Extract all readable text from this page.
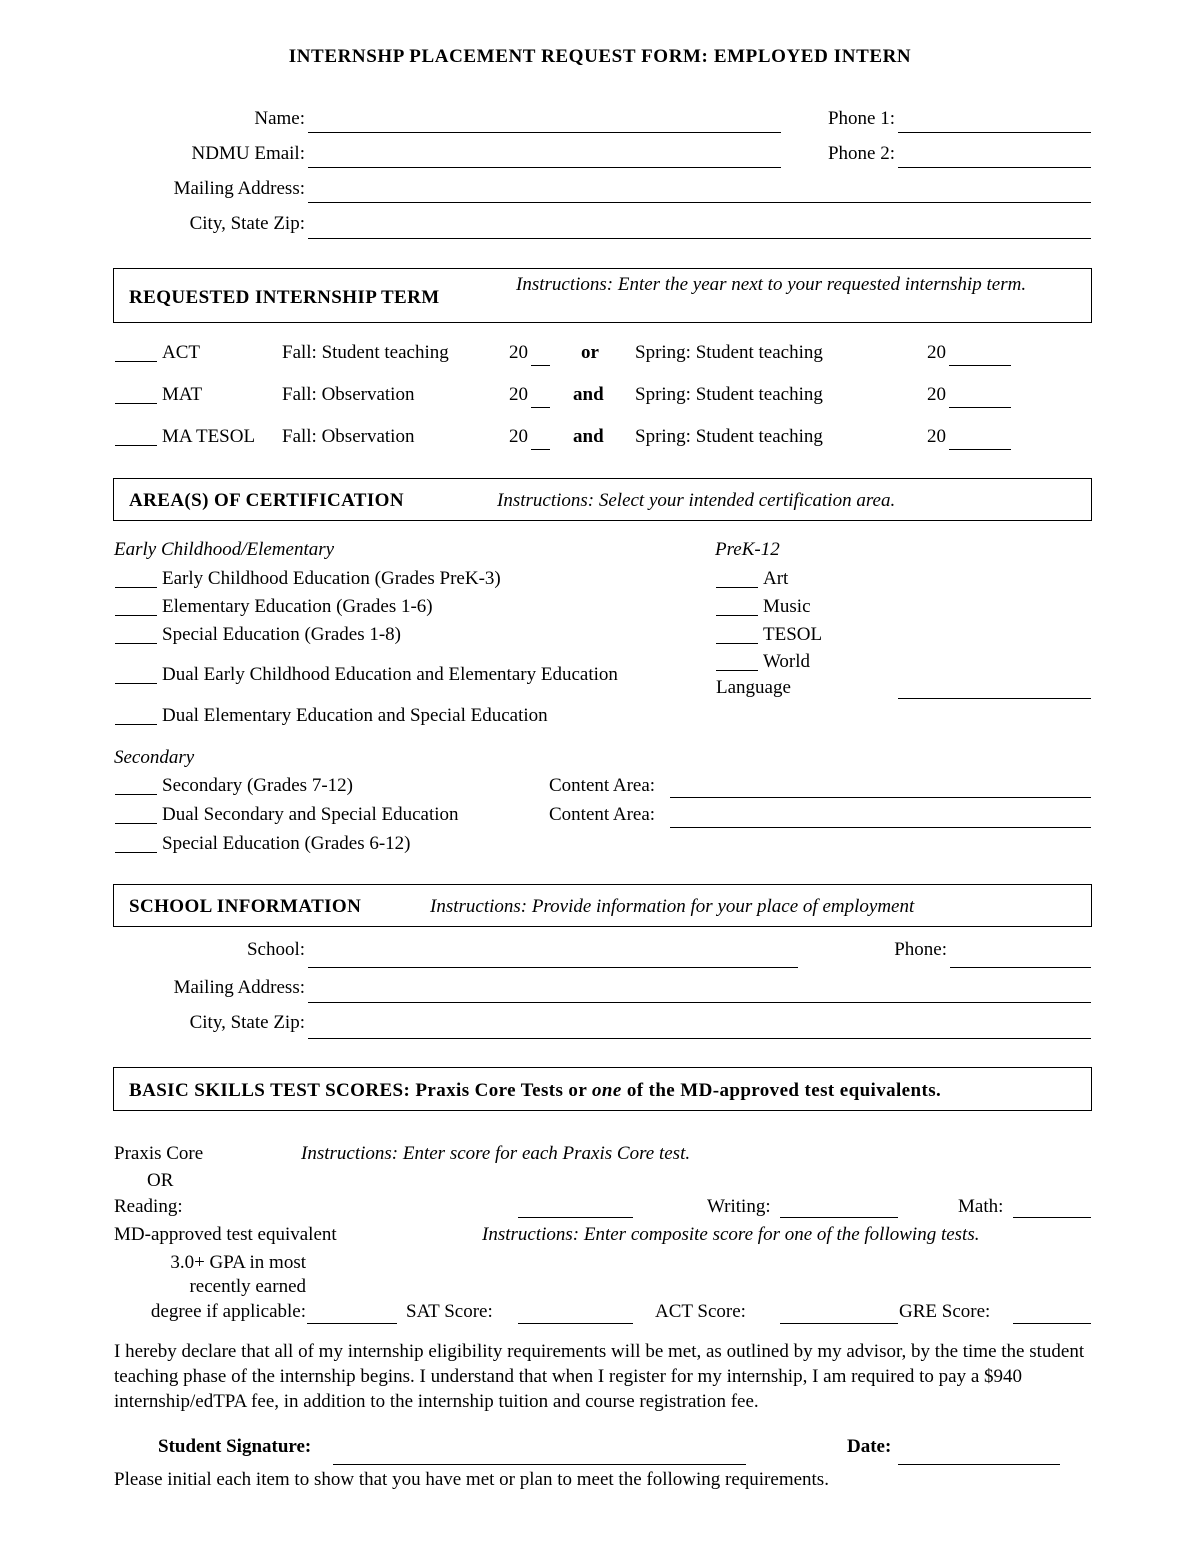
INTERNSHP PLACEMENT REQUEST FORM: EMPLOYED INTERN
Name:
NDMU Email:
Mailing Address:
City, State Zip:
Phone 1:
Phone 2:
REQUESTED INTERNSHIP TERM
Instructions: Enter the year next to your requested internship term.
ACT	Fall: Student teaching	20	or Spring: Student teaching	20
MAT	Fall: Observation	20 and Spring: Student teaching	20
MA TESOL Fall: Observation	20 and Spring: Student teaching	20
AREA(S) OF CERTIFICATION	Instructions: Select your intended certification area.
Early Childhood/Elementary
Early Childhood Education (Grades PreK-3)
Elementary Education (Grades 1-6)
Special Education (Grades 1-8)
Dual Early Childhood Education and Elementary Education
Dual Elementary Education and Special Education
PreK-12
Art
Music
TESOL
World
Language
Secondary
Secondary (Grades 7-12)
Dual Secondary and Special Education
Special Education (Grades 6-12)
Content Area:
Content Area:
SCHOOL INFORMATION	Instructions: Provide information for your place of employment
School:	Phone:
Mailing Address:
City, State Zip:
BASIC SKILLS TEST SCORES: Praxis Core Tests or one of the MD-approved test equivalents.
Praxis Core	Instructions: Enter score for each Praxis Core test.
OR
Reading:	Writing:	Math:
MD-approved test equivalent	Instructions: Enter composite score for one of the following tests.
3.0+ GPA in most
recently earned
degree if applicable:	SAT Score:	ACT Score:	GRE Score:
I hereby declare that all of my internship eligibility requirements will be met, as outlined by my advisor, by the time the student teaching phase of the internship begins. I understand that when I register for my internship, I am required to pay a $940 internship/edTPA fee, in addition to the internship tuition and course registration fee.
Student Signature:	Date:
Please initial each item to show that you have met or plan to meet the following requirements.
